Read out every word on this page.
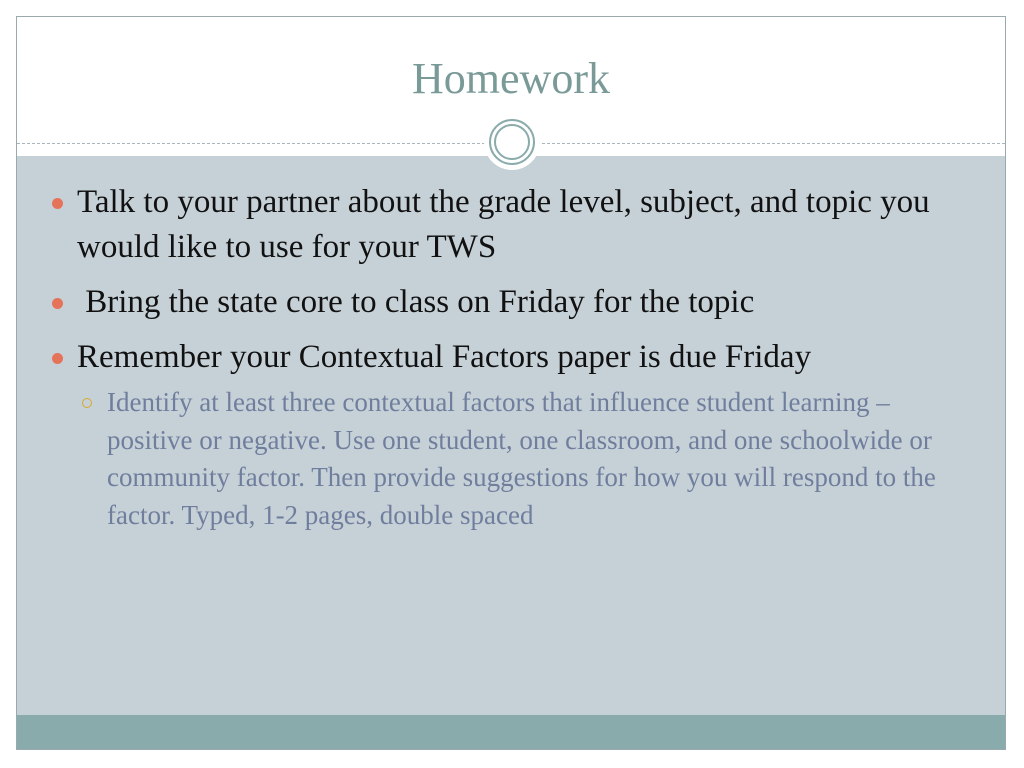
Homework
Talk to your partner about the grade level, subject, and topic you would like to use for your TWS
Bring the state core to class on Friday for the topic
Remember your Contextual Factors paper is due Friday
Identify at least three contextual factors that influence student learning – positive or negative. Use one student, one classroom, and one schoolwide or community factor. Then provide suggestions for how you will respond to the factor. Typed, 1-2 pages, double spaced
